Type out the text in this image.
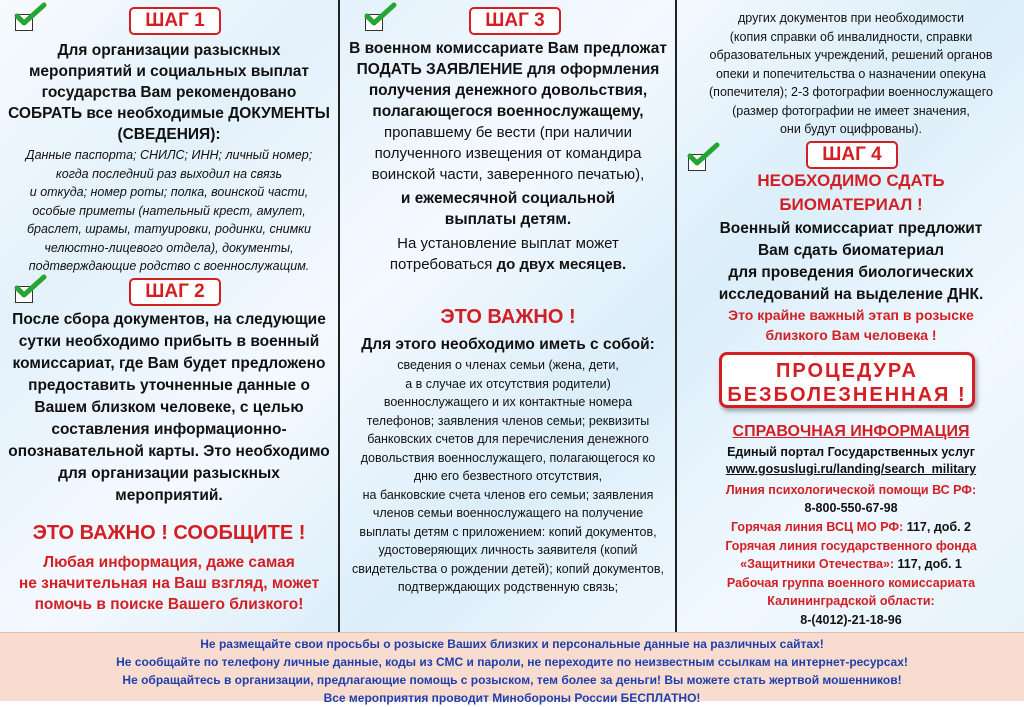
ШАГ 1
Для организации разыскных
мероприятий и социальных выплат
государства Вам рекомендовано
СОБРАТЬ все необходимые ДОКУМЕНТЫ
(СВЕДЕНИЯ):
Данные паспорта; СНИЛС; ИНН; личный номер;
когда последний раз выходил на связь
и откуда; номер роты; полка, воинской части,
особые приметы (нательный крест, амулет,
браслет, шрамы, татуировки, родинки, снимки
челюстно-лицевого отдела), документы,
подтверждающие родство с военнослужащим.
ШАГ 2
После сбора документов, на следующие
сутки необходимо прибыть в военный
комиссариат, где Вам будет предложено
предоставить уточненные данные о
Вашем близком человеке, с целью
составления информационно-
опознавательной карты. Это необходимо
для организации разыскных
мероприятий.
ЭТО ВАЖНО ! СООБЩИТЕ !
Любая информация, даже самая
не значительная на Ваш взгляд, может
помочь в поиске Вашего близкого!
ШАГ 3
В военном комиссариате Вам предложат
ПОДАТЬ ЗАЯВЛЕНИЕ для оформления
получения денежного довольствия,
полагающегося военнослужащему,
пропавшему бе вести (при наличии
полученного извещения от командира
воинской части, заверенного печатью),
и ежемесячной социальной
выплаты детям.
На установление выплат может
потребоваться до двух месяцев.
ЭТО ВАЖНО !
Для этого необходимо иметь с собой:
сведения о членах семьи (жена, дети,
а в случае их отсутствия родители)
военнослужащего и их контактные номера
телефонов; заявления членов семьи; реквизиты
банковских счетов для перечисления денежного
довольствия военнослужащего, полагающегося ко
дню его безвестного отсутствия,
на банковские счета членов его семьи; заявления
членов семьи военнослужащего на получение
выплаты детям с приложением: копий документов,
удостоверяющих личность заявителя (копий
свидетельства о рождении детей); копий документов,
подтверждающих родственную связь;
других документов при необходимости
(копия справки об инвалидности, справки
образовательных учреждений, решений органов
опеки и попечительства о назначении опекуна
(попечителя); 2-3 фотографии военнослужащего
(размер фотографии не имеет значения,
они будут оцифрованы).
ШАГ 4
НЕОБХОДИМО СДАТЬ
БИОМАТЕРИАЛ !
Военный комиссариат предложит
Вам сдать биоматериал
для проведения биологических
исследований на выделение ДНК.
Это крайне важный этап в розыске
близкого Вам человека !
ПРОЦЕДУРА
БЕЗБОЛЕЗНЕННАЯ !
СПРАВОЧНАЯ ИНФОРМАЦИЯ
Единый портал Государственных услуг
www.gosuslugi.ru/landing/search_military
Линия психологической помощи ВС РФ:
8-800-550-67-98
Горячая линия ВСЦ МО РФ: 117, доб. 2
Горячая линия государственного фонда
«Защитники Отечества»: 117, доб. 1
Рабочая группа военного комиссариата
Калининградской области:
8-(4012)-21-18-96
Не размещайте свои просьбы о розыске Ваших близких и персональные данные на различных сайтах!
Не сообщайте по телефону личные данные, коды из СМС и пароли, не переходите по неизвестным ссылкам на интернет-ресурсах!
Не обращайтесь в организации, предлагающие помощь с розыском, тем более за деньги! Вы можете стать жертвой мошенников!
Все мероприятия проводит Минобороны России БЕСПЛАТНО!
